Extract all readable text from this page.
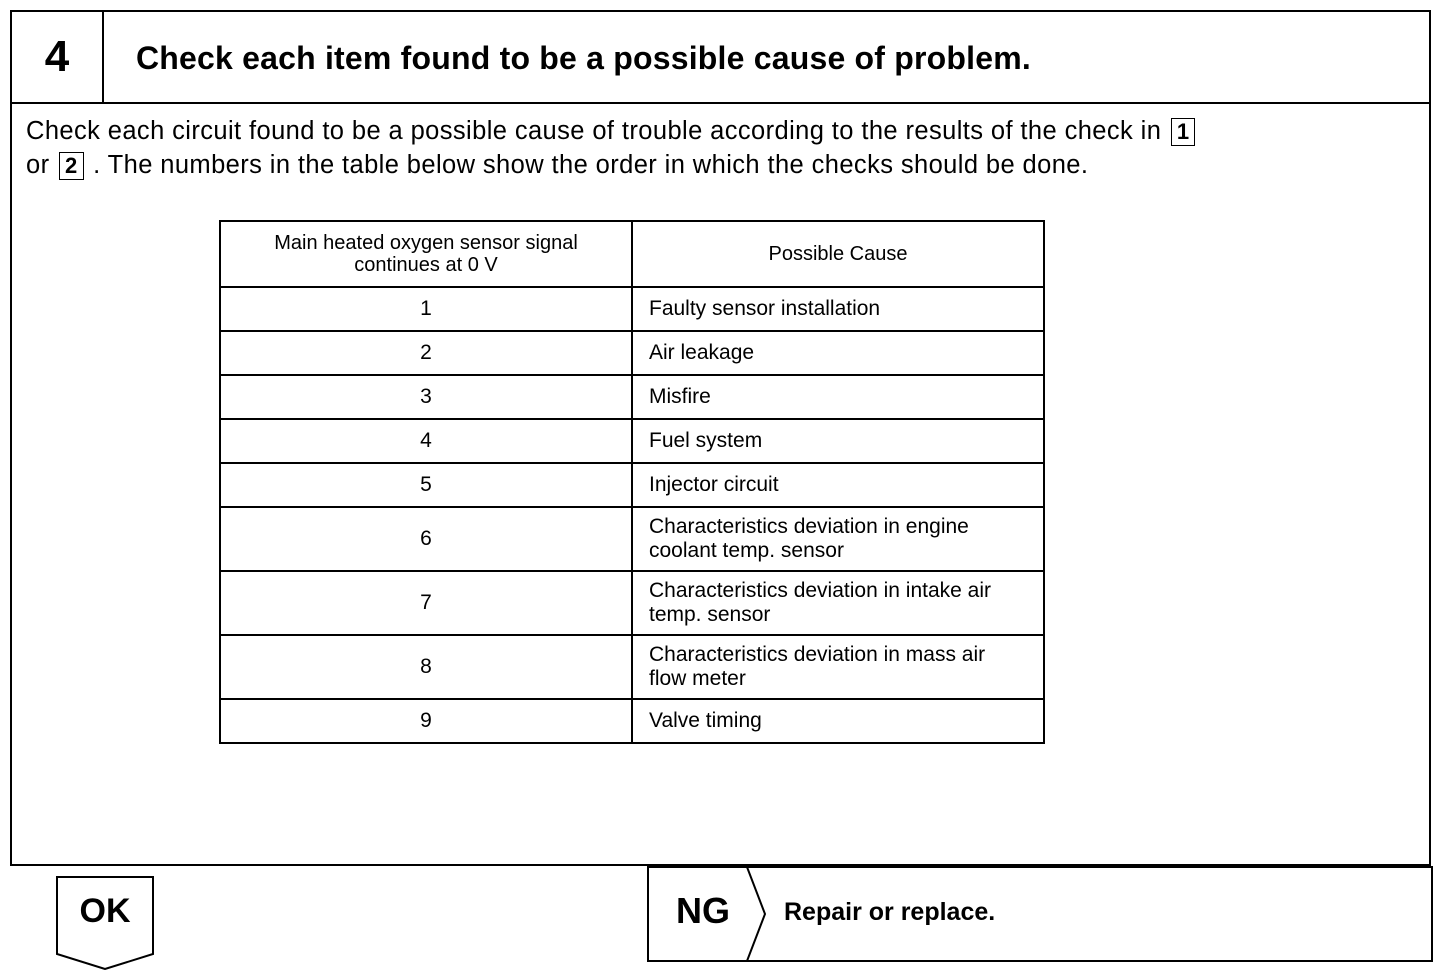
4	Check each item found to be a possible cause of problem.
Check each circuit found to be a possible cause of trouble according to the results of the check in 1
or 2 . The numbers in the table below show the order in which the checks should be done.
Main heated oxygen sensor signal continues at 0 V	Possible Cause
1	Faulty sensor installation
2	Air leakage
3	Misfire
4	Fuel system
5	Injector circuit
6	Characteristics deviation in engine coolant temp. sensor
7	Characteristics deviation in intake air temp. sensor
8	Characteristics deviation in mass air flow meter
9	Valve timing
OK	NG Repair or replace.
